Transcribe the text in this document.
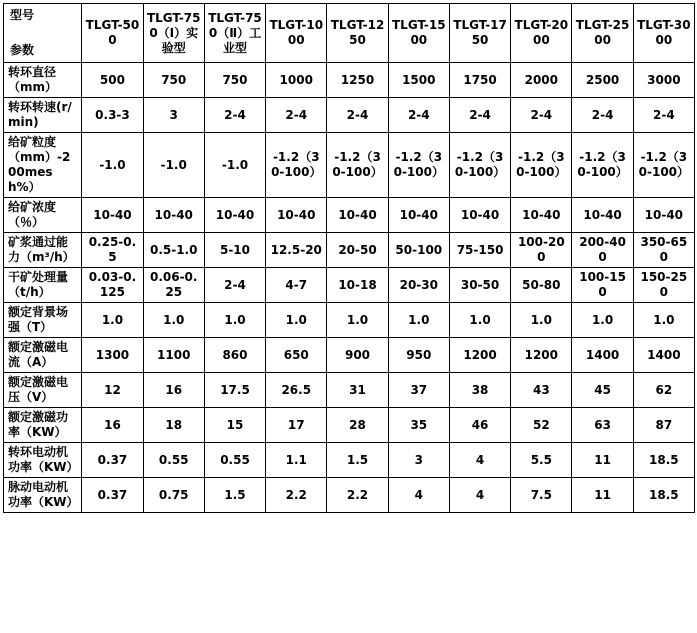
型号
参数	TLGT-500	TLGT-750（Ⅰ）实验型	TLGT-750（Ⅱ）工业型	TLGT-1000	TLGT-1250	TLGT-1500	TLGT-1750	TLGT-2000	TLGT-2500	TLGT-3000
转环直径（mm）	500	750	750	1000	1250	1500	1750	2000	2500	3000
转环转速(r/min)	0.3-3	3	2-4	2-4	2-4	2-4	2-4	2-4	2-4	2-4
给矿粒度（mm）-200mesh%）	-1.0	-1.0	-1.0	-1.2（30-100）	-1.2（30-100）	-1.2（30-100）	-1.2（30-100）	-1.2（30-100）	-1.2（30-100）	-1.2（30-100）
给矿浓度（％）	10-40	10-40	10-40	10-40	10-40	10-40	10-40	10-40	10-40	10-40
矿浆通过能力（m³/h）	0.25-0.5	0.5-1.0	5-10	12.5-20	20-50	50-100	75-150	100-200	200-400	350-650
干矿处理量（t/h）	0.03-0.125	0.06-0.25	2-4	4-7	10-18	20-30	30-50	50-80	100-150	150-250
额定背景场强（T）	1.0	1.0	1.0	1.0	1.0	1.0	1.0	1.0	1.0	1.0
额定激磁电流（A）	1300	1100	860	650	900	950	1200	1200	1400	1400
额定激磁电压（V）	12	16	17.5	26.5	31	37	38	43	45	62
额定激磁功率（KW）	16	18	15	17	28	35	46	52	63	87
转环电动机功率（KW）	0.37	0.55	0.55	1.1	1.5	3	4	5.5	11	18.5
脉动电动机功率（KW）	0.37	0.75	1.5	2.2	2.2	4	4	7.5	11	18.5
